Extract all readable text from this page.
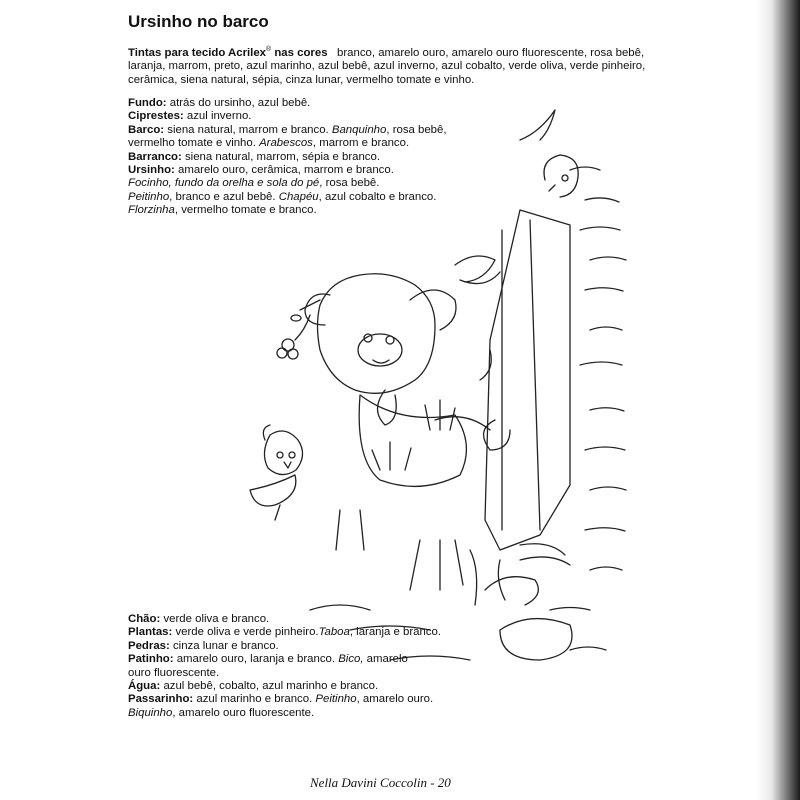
Ursinho no barco

Tintas para tecido Acrilex® nas cores branco, amarelo ouro, amarelo ouro fluorescente, rosa bebê,

laranja, marrom, preto, azul marinho, azul bebê, azul inverno, azul cobalto, verde oliva, verde pinheiro,

cerâmica, siena natural, sépia, cinza lunar, vermelho tomate e vinho.

Fundo: atrás do ursinho, azul bebê.

Ciprestes: azul inverno.

Barco: siena natural, marrom e branco. Banquinho, rosa bebê,

vermelho tomate e vinho. Arabescos, marrom e branco.

Barranco: siena natural, marrom, sépia e branco.

Ursinho: amarelo ouro, cerâmica, marrom e branco.

Focinho, fundo da orelha e sola do pé, rosa bebê.

Peitinho, branco e azul bebê. Chapéu, azul cobalto e branco.

Florzinha, vermelho tomate e branco.

Chão: verde oliva e branco.

Plantas: verde oliva e verde pinheiro.Taboa, laranja e branco.

Pedras: cinza lunar e branco.

Patinho: amarelo ouro, laranja e branco. Bico, amarelo

ouro fluorescente.

Água: azul bebê, cobalto, azul marinho e branco.

Passarinho: azul marinho e branco. Peitinho, amarelo ouro.

Biquinho, amarelo ouro fluorescente.

Nella Davini Coccolin - 20
